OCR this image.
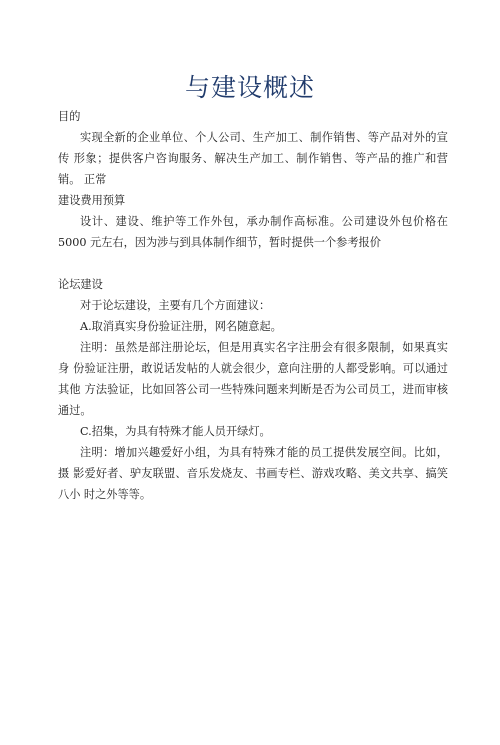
与建设概述

目的

实现全新的企业单位、个人公司、生产加工、制作销售、等产品对外的宣传 形象；提供客户咨询服务、解决生产加工、制作销售、等产品的推广和营销。 正常

建设费用预算

设计、建设、维护等工作外包，承办制作高标准。公司建设外包价格在 5000 元左右，因为涉与到具体制作细节，暂时提供一个参考报价

论坛建设

对于论坛建设，主要有几个方面建议：

A.取消真实身份验证注册，网名随意起。

注明：虽然是部注册论坛，但是用真实名字注册会有很多限制，如果真实身 份验证注册，敢说话发帖的人就会很少，意向注册的人都受影响。可以通过其他 方法验证，比如回答公司一些特殊问题来判断是否为公司员工，进而审核通过。

C.招集，为具有特殊才能人员开绿灯。

注明：增加兴趣爱好小组，为具有特殊才能的员工提供发展空间。比如，摄 影爱好者、驴友联盟、音乐发烧友、书画专栏、游戏攻略、美文共享、搞笑八小 时之外等等。
